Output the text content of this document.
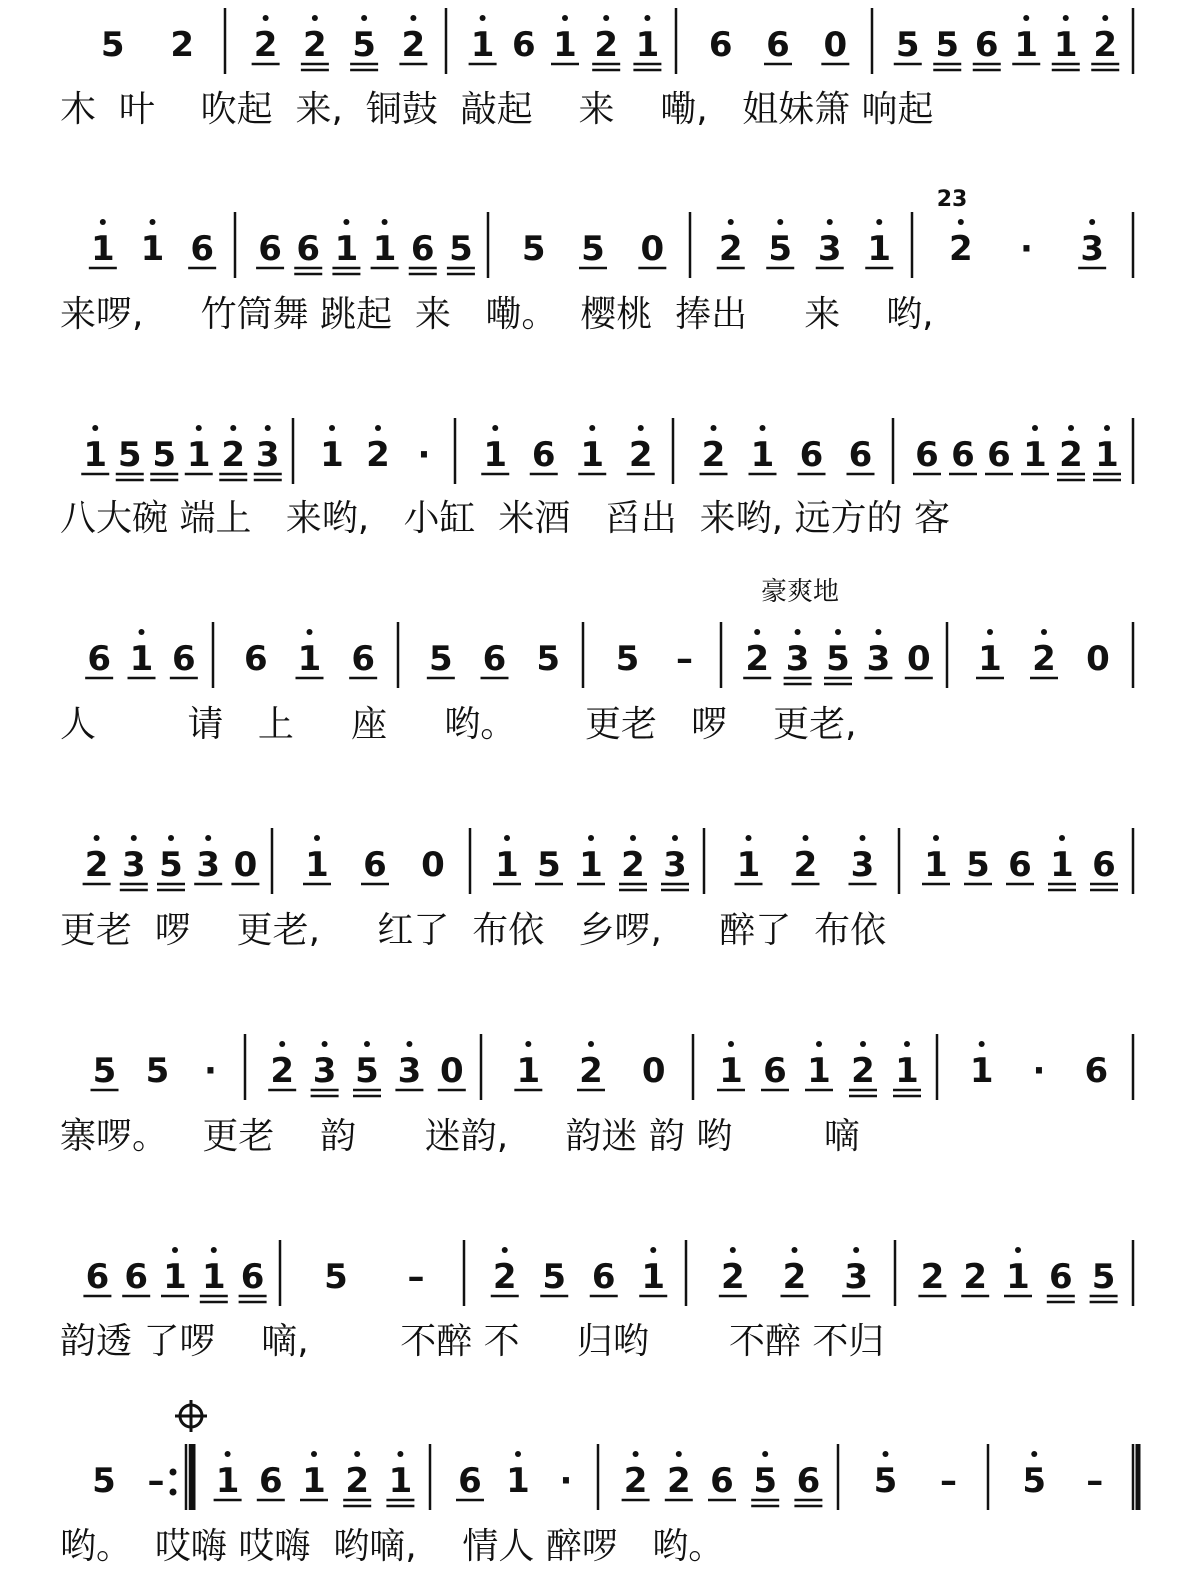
5 2 2 2 5 2 1 6 1 2 1 6 6 0 5 5 6 1 1 2
1 1 6 6 6 1 1 6 5 5 5 0 2 5 3 1 2 · 3
23
1 5 5 1 2 3 1 2 · 1 6 1 2 2 1 6 6 6 6 6 1 2 1
6 1 6 6 1 6 5 6 5 5 – 2 3 5 3 0 1 2 0
豪爽地
2 3 5 3 0 1 6 0 1 5 1 2 3 1 2 3 1 5 6 1 6
5 5 · 2 3 5 3 0 1 2 0 1 6 1 2 1 1 · 6
6 6 1 1 6 5 – 2 5 6 1 2 2 3 2 2 1 6 5
5 – 1 6 1 2 1 6 1 · 2 2 6 5 6 5 – 5 –
木  叶    吹起  来,  铜鼓  敲起    来    嘞,   姐妹箫 响起
来啰,     竹筒舞 跳起  来   嘞。  樱桃  捧出     来    哟,
八大碗 端上   来哟,   小缸  米酒   舀出  来哟, 远方的 客
人        请   上     座     哟。      更老   啰    更老,
更老  啰    更老,     红了  布依   乡啰,     醉了  布依
寨啰。   更老    韵      迷韵,     韵迷 韵 哟        嘀
韵透 了啰    嘀,        不醉 不     归哟       不醉 不归
哟。  哎嗨 哎嗨  哟嘀,    情人 醉啰   哟。
